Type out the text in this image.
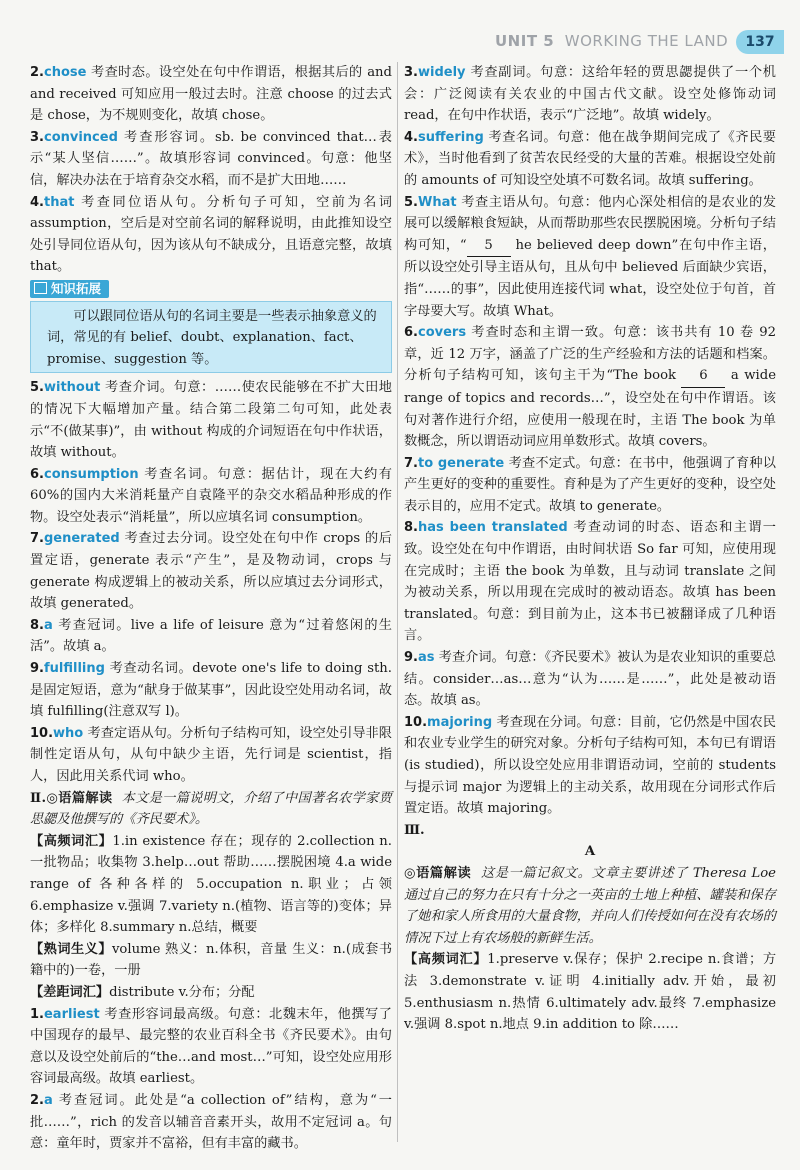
UNIT 5 WORKING THE LAND	137

2.chose 考查时态。设空处在句中作谓语，根据其后的 and and received 可知应用一般过去时。注意 choose 的过去式是 chose，为不规则变化，故填 chose。

3.convinced 考查形容词。sb. be convinced that…表示“某人坚信……”。故填形容词 convinced。句意：他坚信，解决办法在于培育杂交水稻，而不是扩大田地……

4.that 考查同位语从句。分析句子可知，空前为名词 assumption，空后是对空前名词的解释说明，由此推知设空处引导同位语从句，因为该从句不缺成分，且语意完整，故填 that。

知识拓展
可以跟同位语从句的名词主要是一些表示抽象意义的词，常见的有 belief、doubt、explanation、fact、promise、suggestion 等。

5.without 考查介词。句意：……使农民能够在不扩大田地的情况下大幅增加产量。结合第二段第二句可知，此处表示“不(做某事)”，由 without 构成的介词短语在句中作状语，故填 without。

6.consumption 考查名词。句意：据估计，现在大约有60%的国内大米消耗量产自袁隆平的杂交水稻品种形成的作物。设空处表示“消耗量”，所以应填名词 consumption。

7.generated 考查过去分词。设空处在句中作 crops 的后置定语，generate 表示“产生”，是及物动词，crops 与 generate 构成逻辑上的被动关系，所以应填过去分词形式，故填 generated。

8.a 考查冠词。live a life of leisure 意为“过着悠闲的生活”。故填 a。

9.fulfilling 考查动名词。devote one's life to doing sth. 是固定短语，意为“献身于做某事”，因此设空处用动名词，故填 fulfilling(注意双写 l)。

10.who 考查定语从句。分析句子结构可知，设空处引导非限制性定语从句，从句中缺少主语，先行词是 scientist，指人，因此用关系代词 who。

Ⅱ.◎语篇解读 本文是一篇说明文，介绍了中国著名农学家贾思勰及他撰写的《齐民要术》。

【高频词汇】1.in existence 存在；现存的 2.collection n. 一批物品；收集物 3.help…out 帮助……摆脱困境 4.a wide range of 各种各样的 5.occupation n.职业；占领 6.emphasize v.强调 7.variety n.(植物、语言等的)变体；异体；多样化 8.summary n.总结，概要

【熟词生义】volume 熟义：n.体积，音量 生义：n.(成套书籍中的)一卷，一册

【差距词汇】distribute v.分布；分配

1.earliest 考查形容词最高级。句意：北魏末年，他撰写了中国现存的最早、最完整的农业百科全书《齐民要术》。由句意以及设空处前后的“the…and most…”可知，设空处应用形容词最高级。故填 earliest。

2.a 考查冠词。此处是“a collection of”结构，意为“一批……”，rich 的发音以辅音音素开头，故用不定冠词 a。句意：童年时，贾家并不富裕，但有丰富的藏书。

3.widely 考查副词。句意：这给年轻的贾思勰提供了一个机会：广泛阅读有关农业的中国古代文献。设空处修饰动词 read，在句中作状语，表示“广泛地”。故填 widely。

4.suffering 考查名词。句意：他在战争期间完成了《齐民要术》，当时他看到了贫苦农民经受的大量的苦难。根据设空处前的 amounts of 可知设空处填不可数名词。故填 suffering。

5.What 考查主语从句。句意：他内心深处相信的是农业的发展可以缓解粮食短缺，从而帮助那些农民摆脱困境。分析句子结构可知，“ 5 he believed deep down”在句中作主语，所以设空处引导主语从句，且从句中 believed 后面缺少宾语，指“……的事”，因此使用连接代词 what，设空处位于句首，首字母要大写。故填 What。

6.covers 考查时态和主谓一致。句意：该书共有 10 卷 92 章，近 12 万字，涵盖了广泛的生产经验和方法的话题和档案。分析句子结构可知，该句主干为“The book 6 a wide range of topics and records…”，设空处在句中作谓语。该句对著作进行介绍，应使用一般现在时，主语 The book 为单数概念，所以谓语动词应用单数形式。故填 covers。

7.to generate 考查不定式。句意：在书中，他强调了育种以产生更好的变种的重要性。育种是为了产生更好的变种，设空处表示目的，应用不定式。故填 to generate。

8.has been translated 考查动词的时态、语态和主谓一致。设空处在句中作谓语，由时间状语 So far 可知，应使用现在完成时；主语 the book 为单数，且与动词 translate 之间为被动关系，所以用现在完成时的被动语态。故填 has been translated。句意：到目前为止，这本书已被翻译成了几种语言。

9.as 考查介词。句意：《齐民要术》被认为是农业知识的重要总结。consider…as…意为“认为……是……”，此处是被动语态。故填 as。

10.majoring 考查现在分词。句意：目前，它仍然是中国农民和农业专业学生的研究对象。分析句子结构可知，本句已有谓语(is studied)，所以设空处应用非谓语动词，空前的 students 与提示词 major 为逻辑上的主动关系，故用现在分词形式作后置定语。故填 majoring。

Ⅲ.

A

◎语篇解读 这是一篇记叙文。文章主要讲述了 Theresa Loe 通过自己的努力在只有十分之一英亩的土地上种植、罐装和保存了她和家人所食用的大量食物，并向人们传授如何在没有农场的情况下过上有农场般的新鲜生活。

【高频词汇】1.preserve v.保存；保护 2.recipe n.食谱；方法 3.demonstrate v.证明 4.initially adv.开始，最初 5.enthusiasm n.热情 6.ultimately adv.最终 7.emphasize v.强调 8.spot n.地点 9.in addition to 除……
